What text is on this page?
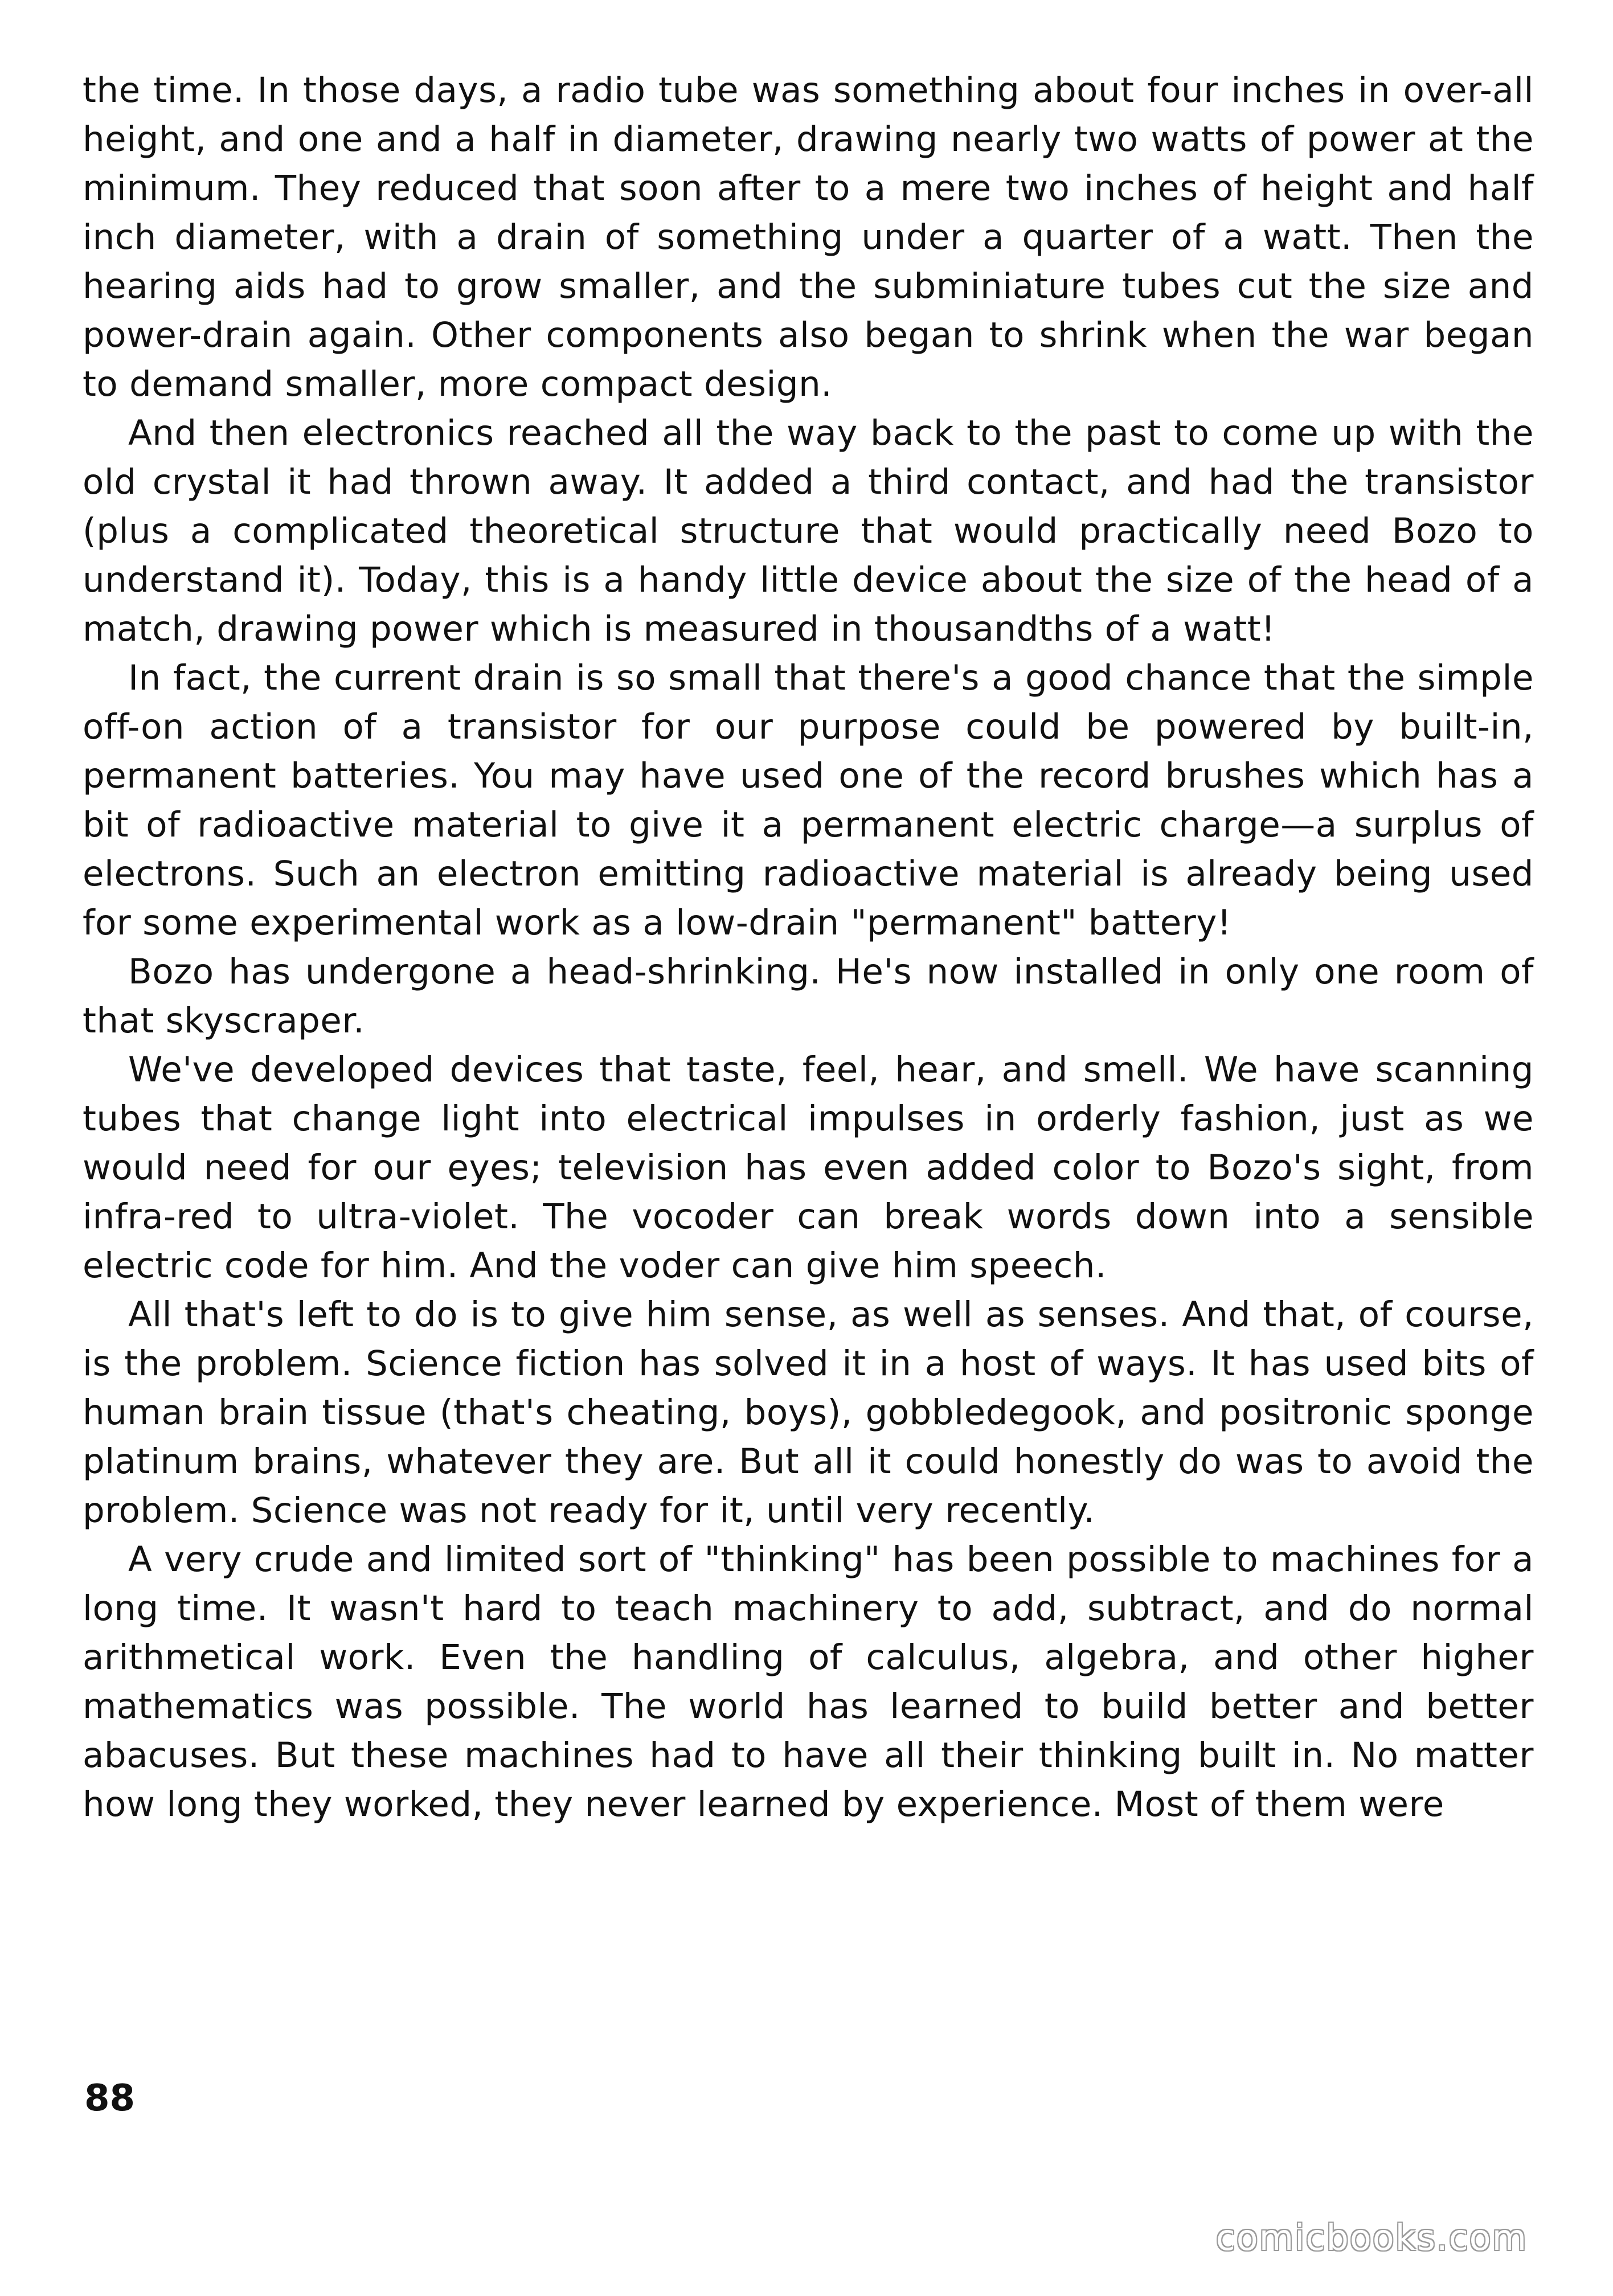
the time. In those days, a radio tube was something about four inches in over-all height, and one and a half in diameter, drawing nearly two watts of power at the minimum. They reduced that soon after to a mere two inches of height and half inch diameter, with a drain of something under a quarter of a watt. Then the hearing aids had to grow smaller, and the subminiature tubes cut the size and power-drain again. Other components also began to shrink when the war began to demand smaller, more compact design.

And then electronics reached all the way back to the past to come up with the old crystal it had thrown away. It added a third contact, and had the transistor (plus a complicated theoretical structure that would practically need Bozo to understand it). Today, this is a handy little device about the size of the head of a match, drawing power which is measured in thousandths of a watt!

In fact, the current drain is so small that there's a good chance that the simple off-on action of a transistor for our purpose could be powered by built-in, permanent batteries. You may have used one of the record brushes which has a bit of radioactive material to give it a permanent electric charge—a surplus of electrons. Such an electron emitting radioactive material is already being used for some experimental work as a low-drain "permanent" battery!

Bozo has undergone a head-shrinking. He's now installed in only one room of that skyscraper.

We've developed devices that taste, feel, hear, and smell. We have scanning tubes that change light into electrical impulses in orderly fashion, just as we would need for our eyes; television has even added color to Bozo's sight, from infra-red to ultra-violet. The vocoder can break words down into a sensible electric code for him. And the voder can give him speech.

All that's left to do is to give him sense, as well as senses. And that, of course, is the problem. Science fiction has solved it in a host of ways. It has used bits of human brain tissue (that's cheating, boys), gobbledegook, and positronic sponge platinum brains, whatever they are. But all it could honestly do was to avoid the problem. Science was not ready for it, until very recently.

A very crude and limited sort of "thinking" has been possible to machines for a long time. It wasn't hard to teach machinery to add, subtract, and do normal arithmetical work. Even the handling of calculus, algebra, and other higher mathematics was possible. The world has learned to build better and better abacuses. But these machines had to have all their thinking built in. No matter how long they worked, they never learned by experience. Most of them were

88
comicbooks.com
